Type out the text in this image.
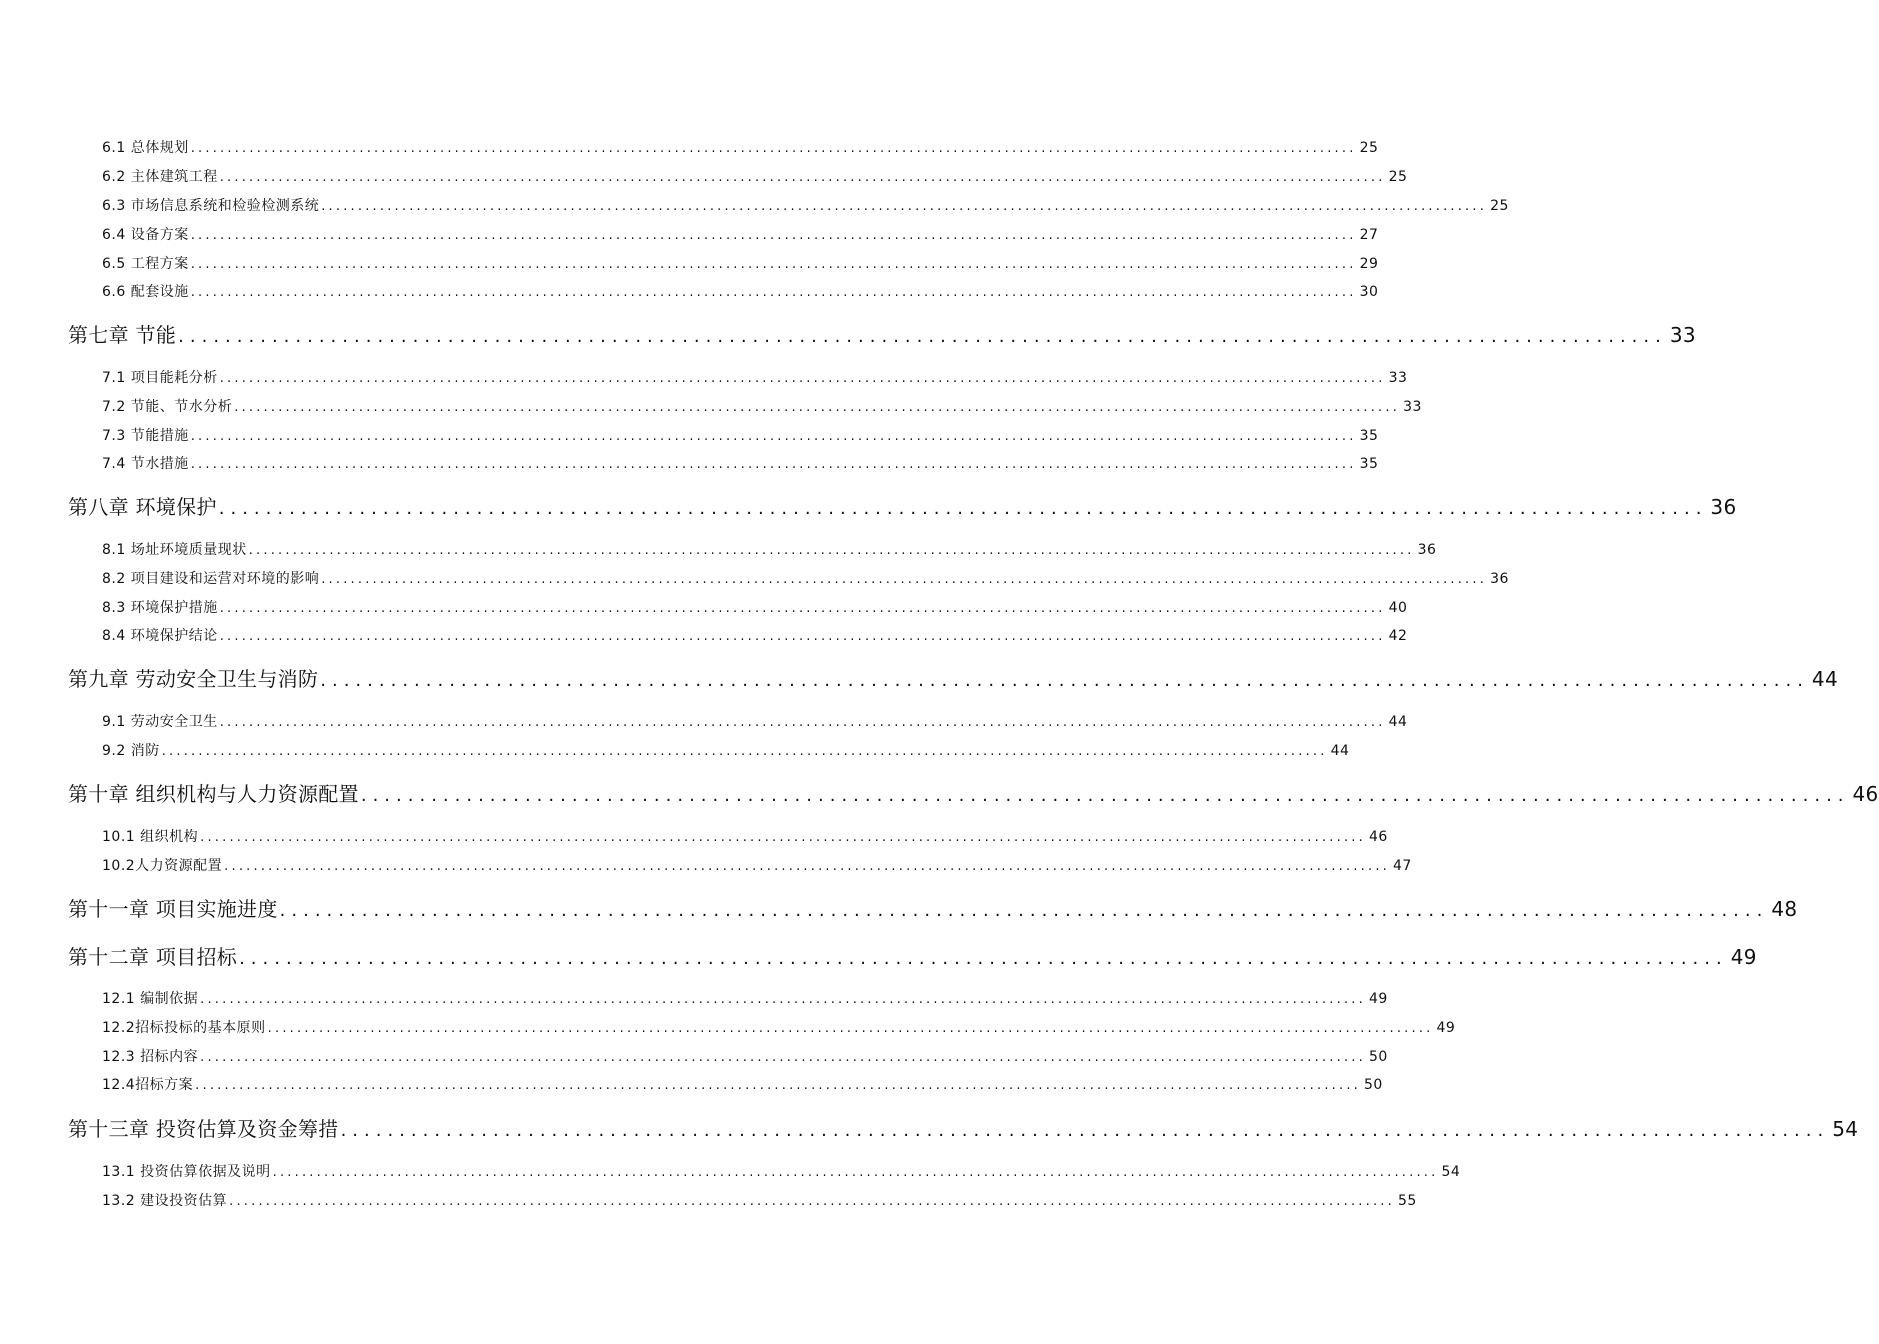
6.1 总体规划 ............................................................................................................................................................... 25
6.2 主体建筑工程 ............................................................................................................................................................... 25
6.3 市场信息系统和检验检测系统 ............................................................................................................................................................... 25
6.4 设备方案 ............................................................................................................................................................... 27
6.5 工程方案 ............................................................................................................................................................... 29
6.6 配套设施 ............................................................................................................................................................... 30
第七章 节能 ............................................................................................................................... 33
7.1 项目能耗分析 ............................................................................................................................................................... 33
7.2 节能、节水分析 ............................................................................................................................................................... 33
7.3 节能措施 ............................................................................................................................................................... 35
7.4 节水措施 ............................................................................................................................................................... 35
第八章 环境保护 ............................................................................................................................... 36
8.1 场址环境质量现状 ............................................................................................................................................................... 36
8.2 项目建设和运营对环境的影响 ............................................................................................................................................................... 36
8.3 环境保护措施 ............................................................................................................................................................... 40
8.4 环境保护结论 ............................................................................................................................................................... 42
第九章 劳动安全卫生与消防 ............................................................................................................................... 44
9.1 劳动安全卫生 ............................................................................................................................................................... 44
9.2 消防 ............................................................................................................................................................... 44
第十章 组织机构与人力资源配置 ............................................................................................................................... 46
10.1 组织机构 ............................................................................................................................................................... 46
10.2人力资源配置 ............................................................................................................................................................... 47
第十一章 项目实施进度 ............................................................................................................................... 48
第十二章 项目招标 ............................................................................................................................... 49
12.1 编制依据 ............................................................................................................................................................... 49
12.2招标投标的基本原则 ............................................................................................................................................................... 49
12.3 招标内容 ............................................................................................................................................................... 50
12.4招标方案 ............................................................................................................................................................... 50
第十三章 投资估算及资金筹措 ............................................................................................................................... 54
13.1 投资估算依据及说明 ............................................................................................................................................................... 54
13.2 建设投资估算 ............................................................................................................................................................... 55
